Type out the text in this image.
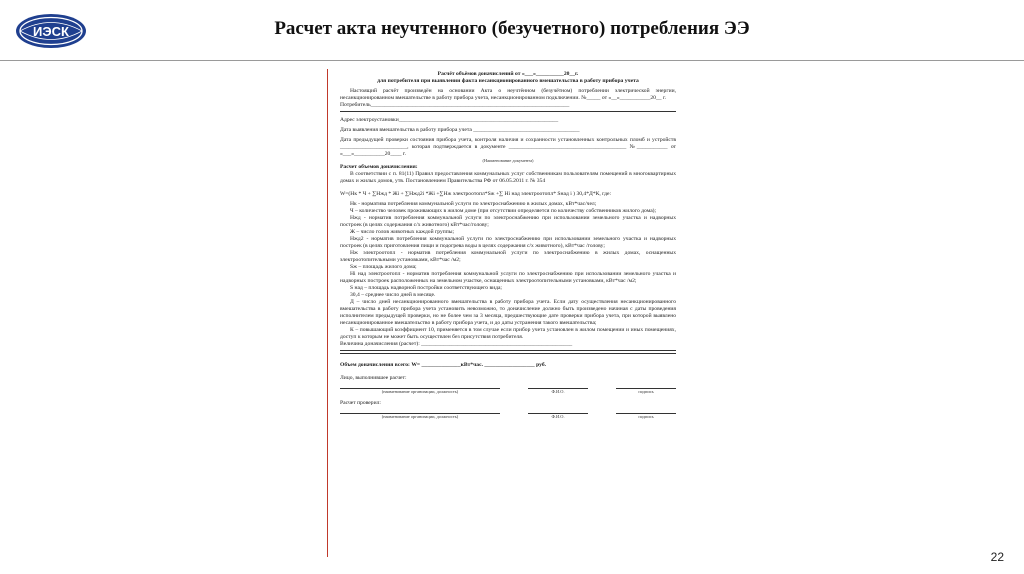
ИЭСК	Расчет акта неучтенного (безучетного) потребления ЭЭ

Расчёт объёмов доначислений от «___»__________20__г.

для потребителя при выявлении факта несанкционированного вмешательства в работу прибора учета

Настоящий расчёт произведён на основании Акта о неучтённом (безучётном) потреблении электрической энергии, несанкционированном вмешательстве в работу прибора учета, несанкционированном подключении. №_____ от «__»___________20__ г.

Потребитель_______________________________________________________________________

Адрес электроустановки_________________________________________________________

Дата выявления вмешательства в работу прибора учета ______________________________________

Дата предыдущей проверки состояния прибора учета, контроля наличия и сохранности установленных контрольных пломб и устройств ________________________, которая подтверждается в документе __________________________________________ №___________ от «___»___________20____ г.

(Наименование документа)

Расчет объемов доначисления:

В соответствии с п. 81(11) Правил предоставления коммунальных услуг собственникам пользователям помещений в многоквартирных домах и жилых домов, утв. Постановлением Правительства РФ от 06.05.2011 г. № 354

W=(Нк * Ч + ∑Нжд * Жi + ∑Нжд2i *Жi +∑Нж электроотопл*Sж +∑ Нi над электроотопл* Sнад i ) 30,4*Д*К, где:

Нк - норматива потребления коммунальной услуги по электроснабжению в жилых домах, кВт*час/чел;

Ч – количество человек проживающих в жилом доме (при отсутствии определяется по количеству собственников жилого дома);

Нжд - норматив потребления коммунальной услуги по электроснабжению при использовании земельного участка и надворных построек (в целях содержания с/х животного) кВт*час/голову;

Ж – число голов животных каждой группы;

Нжд2 - норматив потребления коммунальной услуги по электроснабжению при использовании земельного участка и надворных построек (в целях приготовления пищи и подогрева воды в целях содержания с/х животного), кВт*час /голову;

Нж электроотопл - норматив потребления коммунальной услуги по электроснабжению в жилых домах, оснащенных электроотопительными установками, кВт*час /м2;

Sж – площадь жилого дома;

Нi над электроотопл - норматив потребления коммунальной услуги по электроснабжению при использовании земельного участка и надворных построек расположенных на земельном участке, оснащенных электроотопительными установками, кВт*час /м2;

S над – площадь надворной постройки соответствующего вида;

30,4 – среднее число дней в месяце.

Д – число дней несанкционированного вмешательства в работу прибора учета. Если дату осуществления несанкционированного вмешательства в работу прибора учета установить невозможно, то доначисление должно быть произведено начиная с даты проведения исполнителем предыдущей проверки, но не более чем за 3 месяца, предшествующие дате проверки прибора учета, при которой выявлено несанкционированное вмешательство в работу прибора учета, и до даты устранения такого вмешательства;

К – повышающий коэффициент 10, применяется в том случае если прибор учета установлен в жилом помещении и иных помещениях, доступ к которым не может быть осуществлен без присутствия потребителя.

Величина доначисления (расчет): ______________________________________________________

Объем доначисления всего: W= ______________кВт*час. __________________ руб.

Лицо, выполнившее расчет:

(наименование организации, должность)	Ф.И.О.	подпись

Расчет проверил:

(наименование организации, должность)	Ф.И.О.	подпись

22
